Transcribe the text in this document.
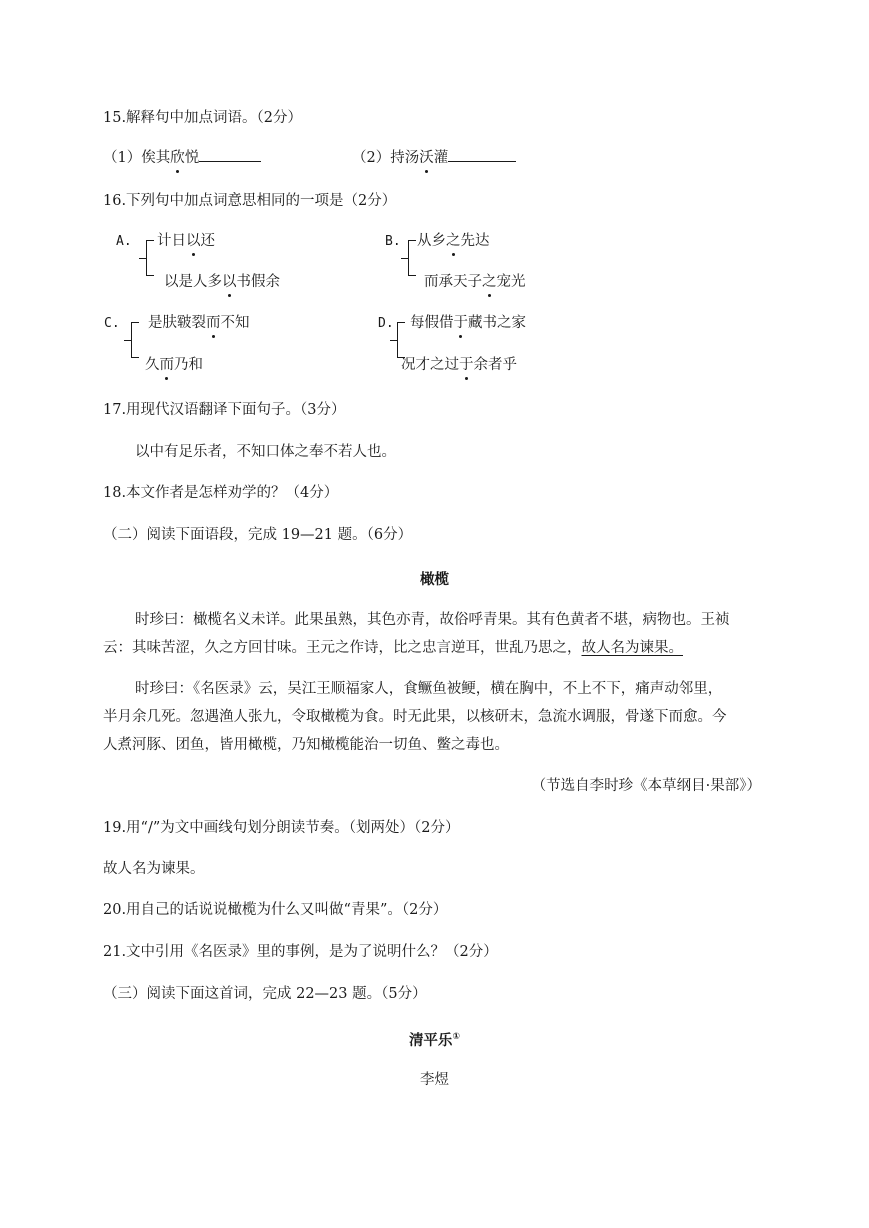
15.解释句中加点词语。（2分）
（1）俟其欣悦	（2）持汤沃灌
16.下列句中加点词意思相同的一项是（2分）
A. 计日以还
以是人多以书假余
B. 从乡之先达
而承天子之宠光
C. 是肤皲裂而不知
久而乃和
D. 每假借于藏书之家
况才之过于余者乎
17.用现代汉语翻译下面句子。（3分）
以中有足乐者，不知口体之奉不若人也。
18.本文作者是怎样劝学的？（4分）
（二）阅读下面语段，完成 19—21 题。（6分）
橄榄
时珍曰：橄榄名义未详。此果虽熟，其色亦青，故俗呼青果。其有色黄者不堪，病物也。王祯
云：其味苦涩，久之方回甘味。王元之作诗，比之忠言逆耳，世乱乃思之，故人名为谏果。
时珍曰：《名医录》云，吴江王顺福家人，食鳜鱼被鲠，横在胸中，不上不下，痛声动邻里，
半月余几死。忽遇渔人张九，令取橄榄为食。时无此果，以核研末，急流水调服，骨遂下而愈。今
人煮河豚、团鱼，皆用橄榄，乃知橄榄能治一切鱼、鳖之毒也。
（节选自李时珍《本草纲目·果部》）
19.用“/”为文中画线句划分朗读节奏。（划两处）（2分）
故人名为谏果。
20.用自己的话说说橄榄为什么又叫做“青果”。（2分）
21.文中引用《名医录》里的事例，是为了说明什么？（2分）
（三）阅读下面这首词，完成 22—23 题。（5分）
清平乐①
李煜
